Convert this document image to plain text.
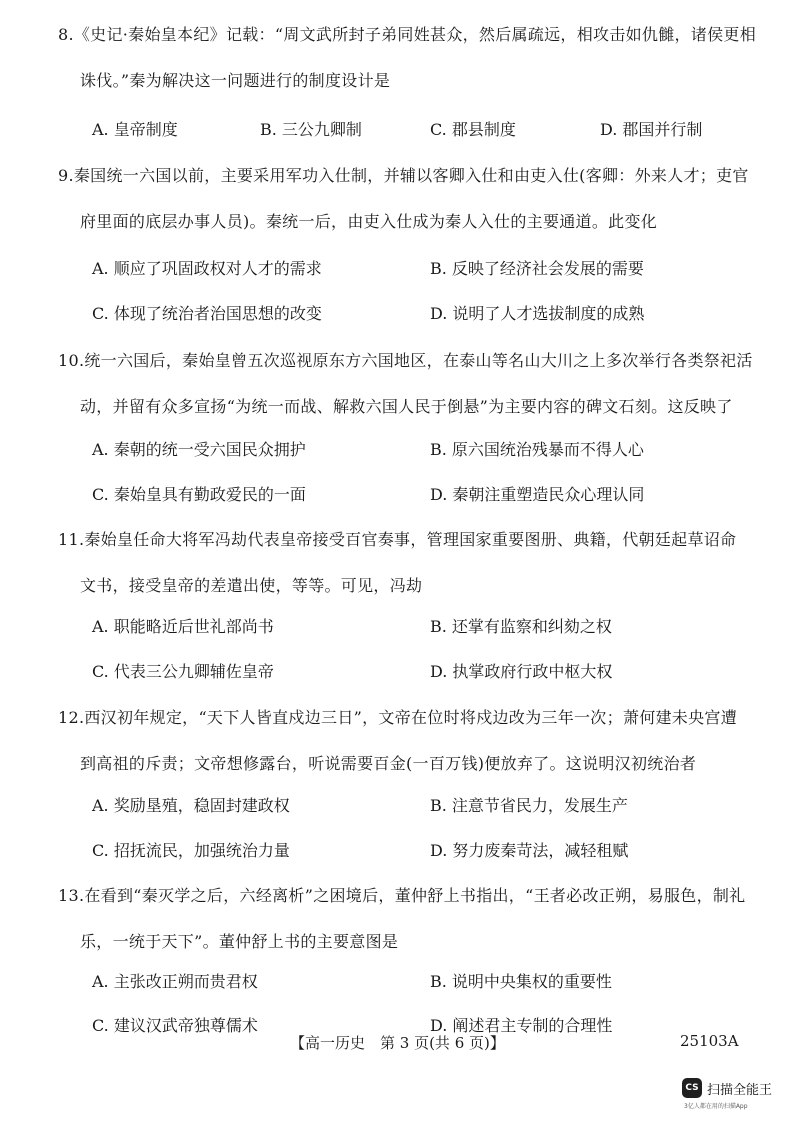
8.《史记·秦始皇本纪》记载：“周文武所封子弟同姓甚众，然后属疏远，相攻击如仇雠，诸侯更相
诛伐。”秦为解决这一问题进行的制度设计是
A. 皇帝制度	B. 三公九卿制	C. 郡县制度	D. 郡国并行制
9.秦国统一六国以前，主要采用军功入仕制，并辅以客卿入仕和由吏入仕(客卿：外来人才；吏官
府里面的底层办事人员)。秦统一后，由吏入仕成为秦人入仕的主要通道。此变化
A. 顺应了巩固政权对人才的需求	B. 反映了经济社会发展的需要
C. 体现了统治者治国思想的改变	D. 说明了人才选拔制度的成熟
10.统一六国后，秦始皇曾五次巡视原东方六国地区，在泰山等名山大川之上多次举行各类祭祀活
动，并留有众多宣扬“为统一而战、解救六国人民于倒悬”为主要内容的碑文石刻。这反映了
A. 秦朝的统一受六国民众拥护	B. 原六国统治残暴而不得人心
C. 秦始皇具有勤政爱民的一面	D. 秦朝注重塑造民众心理认同
11.秦始皇任命大将军冯劫代表皇帝接受百官奏事，管理国家重要图册、典籍，代朝廷起草诏命
文书，接受皇帝的差遣出使，等等。可见，冯劫
A. 职能略近后世礼部尚书	B. 还掌有监察和纠劾之权
C. 代表三公九卿辅佐皇帝	D. 执掌政府行政中枢大权
12.西汉初年规定，“天下人皆直戍边三日”，文帝在位时将戍边改为三年一次；萧何建未央宫遭
到高祖的斥责；文帝想修露台，听说需要百金(一百万钱)便放弃了。这说明汉初统治者
A. 奖励垦殖，稳固封建政权	B. 注意节省民力，发展生产
C. 招抚流民，加强统治力量	D. 努力废秦苛法，减轻租赋
13.在看到“秦灭学之后，六经离析”之困境后，董仲舒上书指出，“王者必改正朔，易服色，制礼
乐，一统于天下”。董仲舒上书的主要意图是
A. 主张改正朔而贵君权	B. 说明中央集权的重要性
C. 建议汉武帝独尊儒术	D. 阐述君主专制的合理性
【高一历史　第 3 页(共 6 页)】	25103A
CS 扫描全能王
3亿人都在用的扫描App
